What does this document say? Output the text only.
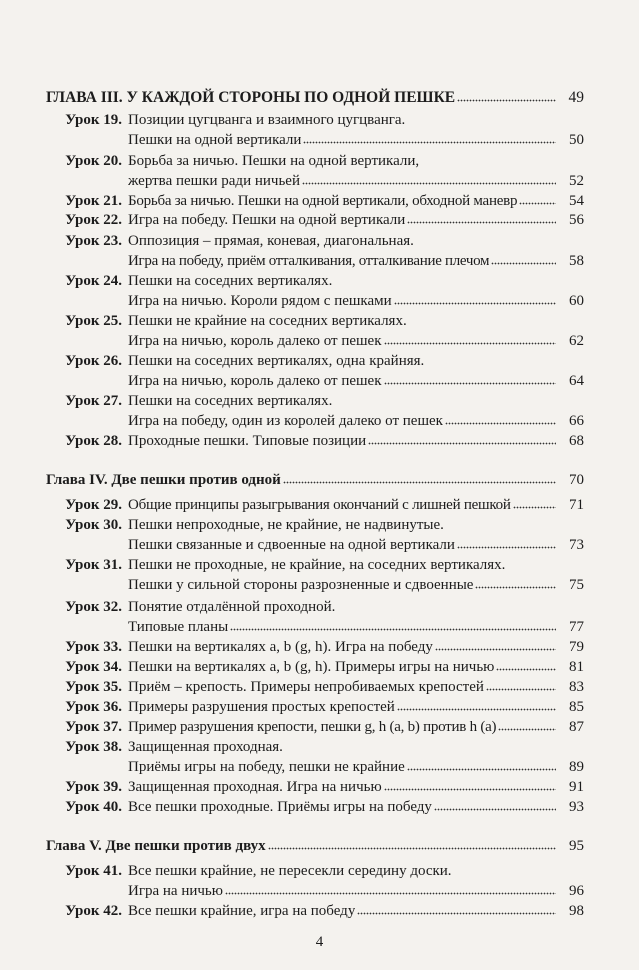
ГЛАВА III. У КАЖДОЙ СТОРОНЫ ПО ОДНОЙ ПЕШКЕ	49
Урок 19. Позиции цугцванга и взаимного цугцванга.
Пешки на одной вертикали	50
Урок 20. Борьба за ничью. Пешки на одной вертикали,
жертва пешки ради ничьей	52
Урок 21. Борьба за ничью. Пешки на одной вертикали, обходной маневр	54
Урок 22. Игра на победу. Пешки на одной вертикали	56
Урок 23. Оппозиция – прямая, коневая, диагональная.
Игра на победу, приём отталкивания, отталкивание плечом	58
Урок 24. Пешки на соседних вертикалях.
Игра на ничью. Короли рядом с пешками	60
Урок 25. Пешки не крайние на соседних вертикалях.
Игра на ничью, король далеко от пешек	62
Урок 26. Пешки на соседних вертикалях, одна крайняя.
Игра на ничью, король далеко от пешек	64
Урок 27. Пешки на соседних вертикалях.
Игра на победу, один из королей далеко от пешек	66
Урок 28. Проходные пешки. Типовые позиции	68
Глава IV. Две пешки против одной	70
Урок 29. Общие принципы разыгрывания окончаний с лишней пешкой	71
Урок 30. Пешки непроходные, не крайние, не надвинутые.
Пешки связанные и сдвоенные на одной вертикали	73
Урок 31. Пешки не проходные, не крайние, на соседних вертикалях.
Пешки у сильной стороны разрозненные и сдвоенные	75
Урок 32. Понятие отдалённой проходной.
Типовые планы	77
Урок 33. Пешки на вертикалях a, b (g, h). Игра на победу	79
Урок 34. Пешки на вертикалях a, b (g, h). Примеры игры на ничью	81
Урок 35. Приём – крепость. Примеры непробиваемых крепостей	83
Урок 36. Примеры разрушения простых крепостей	85
Урок 37. Пример разрушения крепости, пешки g, h (a, b) против h (a)	87
Урок 38. Защищенная проходная.
Приёмы игры на победу, пешки не крайние	89
Урок 39. Защищенная проходная. Игра на ничью	91
Урок 40. Все пешки проходные. Приёмы игры на победу	93
Глава V. Две пешки против двух	95
Урок 41. Все пешки крайние, не пересекли середину доски.
Игра на ничью	96
Урок 42. Все пешки крайние, игра на победу	98
4
